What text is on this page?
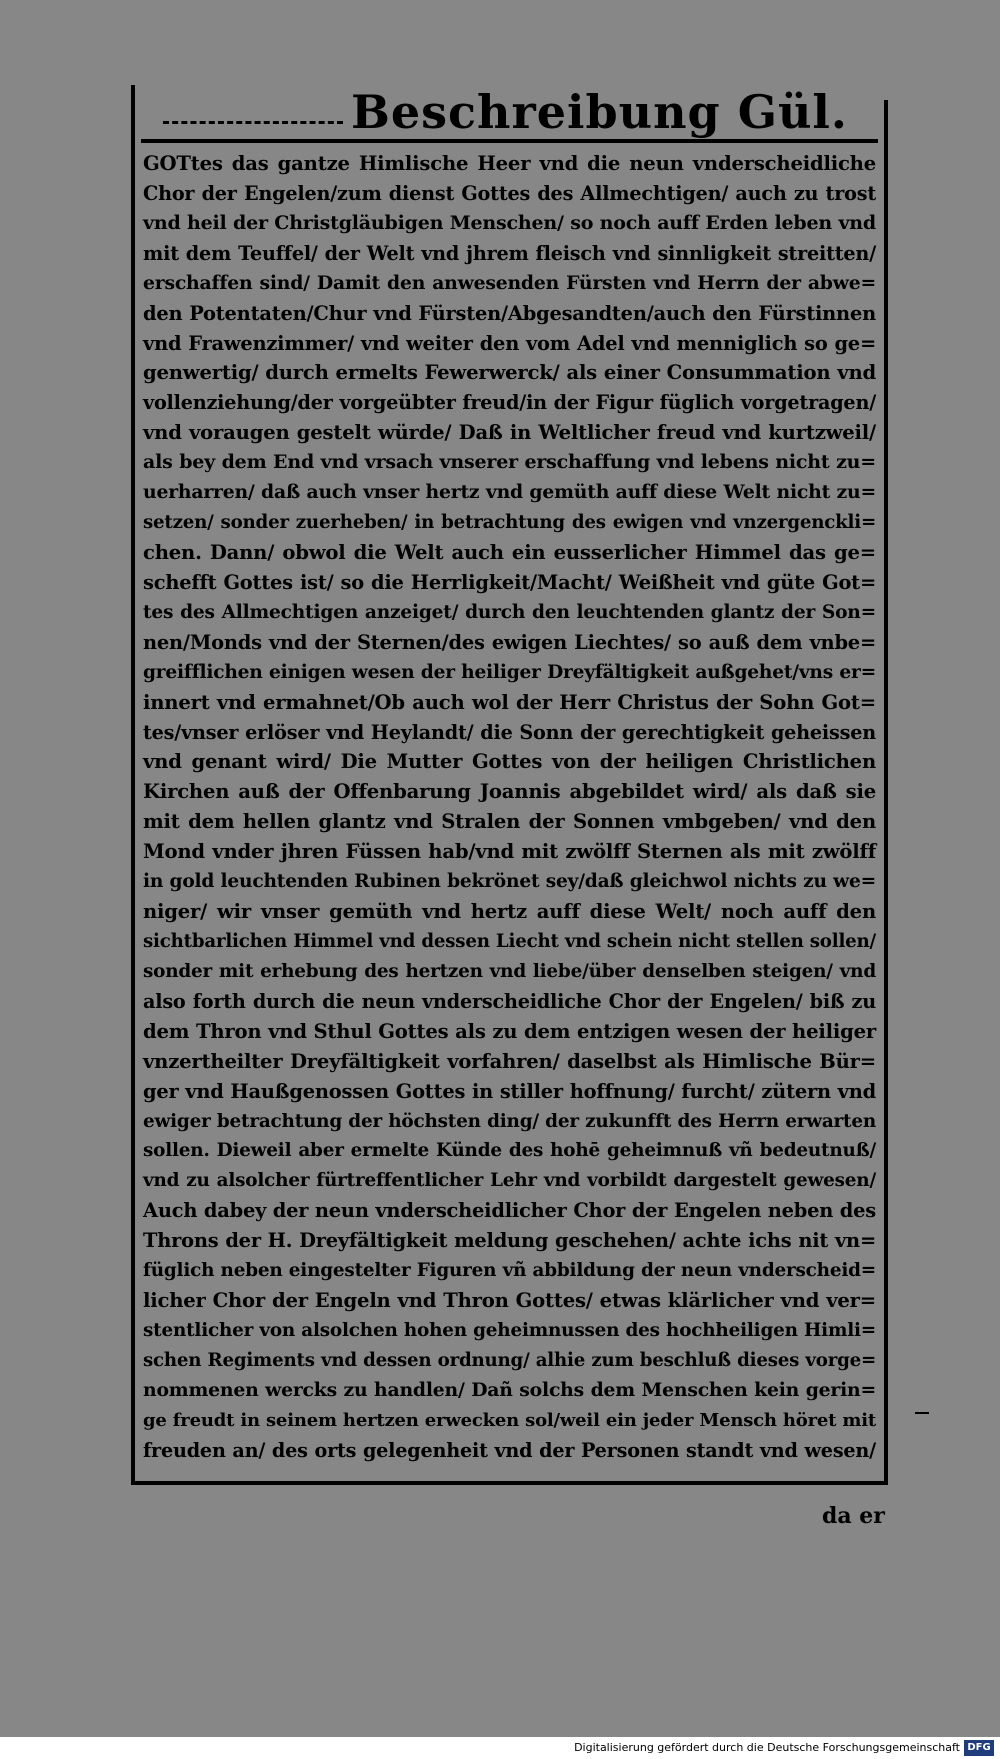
Beschreibung Gül.
GOTtes das gantze Himlische Heer vnd die neun vnderscheidliche
Chor der Engelen/zum dienst Gottes des Allmechtigen/ auch zu trost
vnd heil der Christgläubigen Menschen/ so noch auff Erden leben vnd
mit dem Teuffel/ der Welt vnd jhrem fleisch vnd sinnligkeit streitten/
erschaffen sind/ Damit den anwesenden Fürsten vnd Herrn der abwe=
den Potentaten/Chur vnd Fürsten/Abgesandten/auch den Fürstinnen
vnd Frawenzimmer/ vnd weiter den vom Adel vnd menniglich so ge=
genwertig/ durch ermelts Fewerwerck/ als einer Consummation vnd
vollenziehung/der vorgeübter freud/in der Figur füglich vorgetragen/
vnd voraugen gestelt würde/ Daß in Weltlicher freud vnd kurtzweil/
als bey dem End vnd vrsach vnserer erschaffung vnd lebens nicht zu=
uerharren/ daß auch vnser hertz vnd gemüth auff diese Welt nicht zu=
setzen/ sonder zuerheben/ in betrachtung des ewigen vnd vnzergenckli=
chen. Dann/ obwol die Welt auch ein eusserlicher Himmel das ge=
schefft Gottes ist/ so die Herrligkeit/Macht/ Weißheit vnd güte Got=
tes des Allmechtigen anzeiget/ durch den leuchtenden glantz der Son=
nen/Monds vnd der Sternen/des ewigen Liechtes/ so auß dem vnbe=
greifflichen einigen wesen der heiliger Dreyfältigkeit außgehet/vns er=
innert vnd ermahnet/Ob auch wol der Herr Christus der Sohn Got=
tes/vnser erlöser vnd Heylandt/ die Sonn der gerechtigkeit geheissen
vnd genant wird/ Die Mutter Gottes von der heiligen Christlichen
Kirchen auß der Offenbarung Joannis abgebildet wird/ als daß sie
mit dem hellen glantz vnd Stralen der Sonnen vmbgeben/ vnd den
Mond vnder jhren Füssen hab/vnd mit zwölff Sternen als mit zwölff
in gold leuchtenden Rubinen bekrönet sey/daß gleichwol nichts zu we=
niger/ wir vnser gemüth vnd hertz auff diese Welt/ noch auff den
sichtbarlichen Himmel vnd dessen Liecht vnd schein nicht stellen sollen/
sonder mit erhebung des hertzen vnd liebe/über denselben steigen/ vnd
also forth durch die neun vnderscheidliche Chor der Engelen/ biß zu
dem Thron vnd Sthul Gottes als zu dem entzigen wesen der heiliger
vnzertheilter Dreyfältigkeit vorfahren/ daselbst als Himlische Bür=
ger vnd Haußgenossen Gottes in stiller hoffnung/ furcht/ zütern vnd
ewiger betrachtung der höchsten ding/ der zukunfft des Herrn erwarten
sollen. Dieweil aber ermelte Künde des hohē geheimnuß vñ bedeutnuß/
vnd zu alsolcher fürtreffentlicher Lehr vnd vorbildt dargestelt gewesen/
Auch dabey der neun vnderscheidlicher Chor der Engelen neben des
Throns der H. Dreyfältigkeit meldung geschehen/ achte ichs nit vn=
füglich neben eingestelter Figuren vñ abbildung der neun vnderscheid=
licher Chor der Engeln vnd Thron Gottes/ etwas klärlicher vnd ver=
stentlicher von alsolchen hohen geheimnussen des hochheiligen Himli=
schen Regiments vnd dessen ordnung/ alhie zum beschluß dieses vorge=
nommenen wercks zu handlen/ Dañ solchs dem Menschen kein gerin=
ge freudt in seinem hertzen erwecken sol/weil ein jeder Mensch höret mit
freuden an/ des orts gelegenheit vnd der Personen standt vnd wesen/
da er
Digitalisierung gefördert durch die Deutsche Forschungsgemeinschaft DFG
